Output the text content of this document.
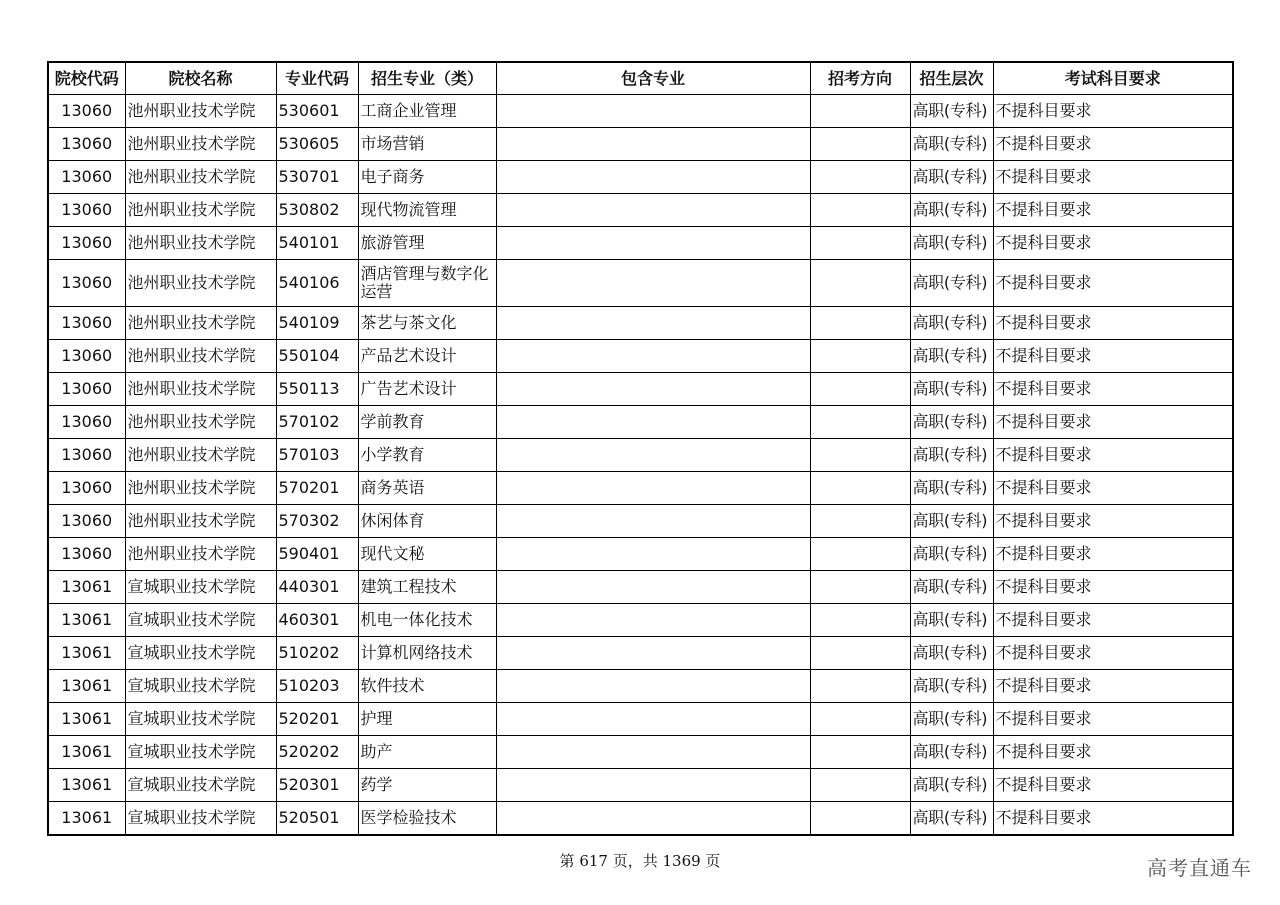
院校代码	院校名称	专业代码	招生专业（类）	包含专业	招考方向	招生层次	考试科目要求
13060	池州职业技术学院	530601	工商企业管理			高职(专科)	不提科目要求
13060	池州职业技术学院	530605	市场营销			高职(专科)	不提科目要求
13060	池州职业技术学院	530701	电子商务			高职(专科)	不提科目要求
13060	池州职业技术学院	530802	现代物流管理			高职(专科)	不提科目要求
13060	池州职业技术学院	540101	旅游管理			高职(专科)	不提科目要求
13060	池州职业技术学院	540106	酒店管理与数字化运营			高职(专科)	不提科目要求
13060	池州职业技术学院	540109	茶艺与茶文化			高职(专科)	不提科目要求
13060	池州职业技术学院	550104	产品艺术设计			高职(专科)	不提科目要求
13060	池州职业技术学院	550113	广告艺术设计			高职(专科)	不提科目要求
13060	池州职业技术学院	570102	学前教育			高职(专科)	不提科目要求
13060	池州职业技术学院	570103	小学教育			高职(专科)	不提科目要求
13060	池州职业技术学院	570201	商务英语			高职(专科)	不提科目要求
13060	池州职业技术学院	570302	休闲体育			高职(专科)	不提科目要求
13060	池州职业技术学院	590401	现代文秘			高职(专科)	不提科目要求
13061	宣城职业技术学院	440301	建筑工程技术			高职(专科)	不提科目要求
13061	宣城职业技术学院	460301	机电一体化技术			高职(专科)	不提科目要求
13061	宣城职业技术学院	510202	计算机网络技术			高职(专科)	不提科目要求
13061	宣城职业技术学院	510203	软件技术			高职(专科)	不提科目要求
13061	宣城职业技术学院	520201	护理			高职(专科)	不提科目要求
13061	宣城职业技术学院	520202	助产			高职(专科)	不提科目要求
13061	宣城职业技术学院	520301	药学			高职(专科)	不提科目要求
13061	宣城职业技术学院	520501	医学检验技术			高职(专科)	不提科目要求
第 617 页，共 1369 页	高考直通车
